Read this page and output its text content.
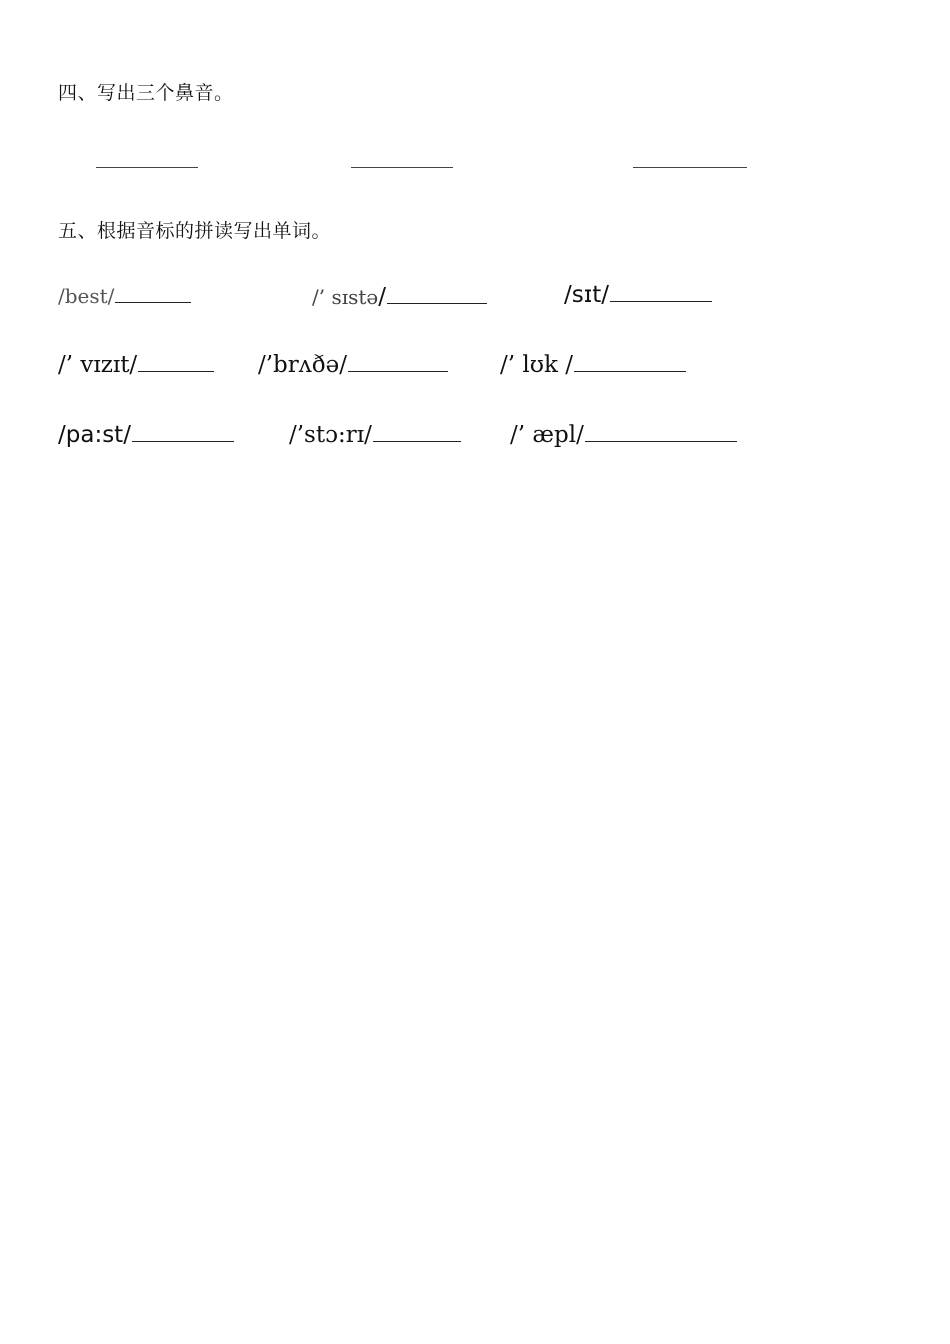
四、写出三个鼻音。
五、根据音标的拼读写出单词。
/best/	/’ sɪstə/	/sɪt/
/’ vɪzɪt/	/’brʌðə/	/’ lʊk /
/pa:st/	/’stɔ:rɪ/	/’ æpl/
